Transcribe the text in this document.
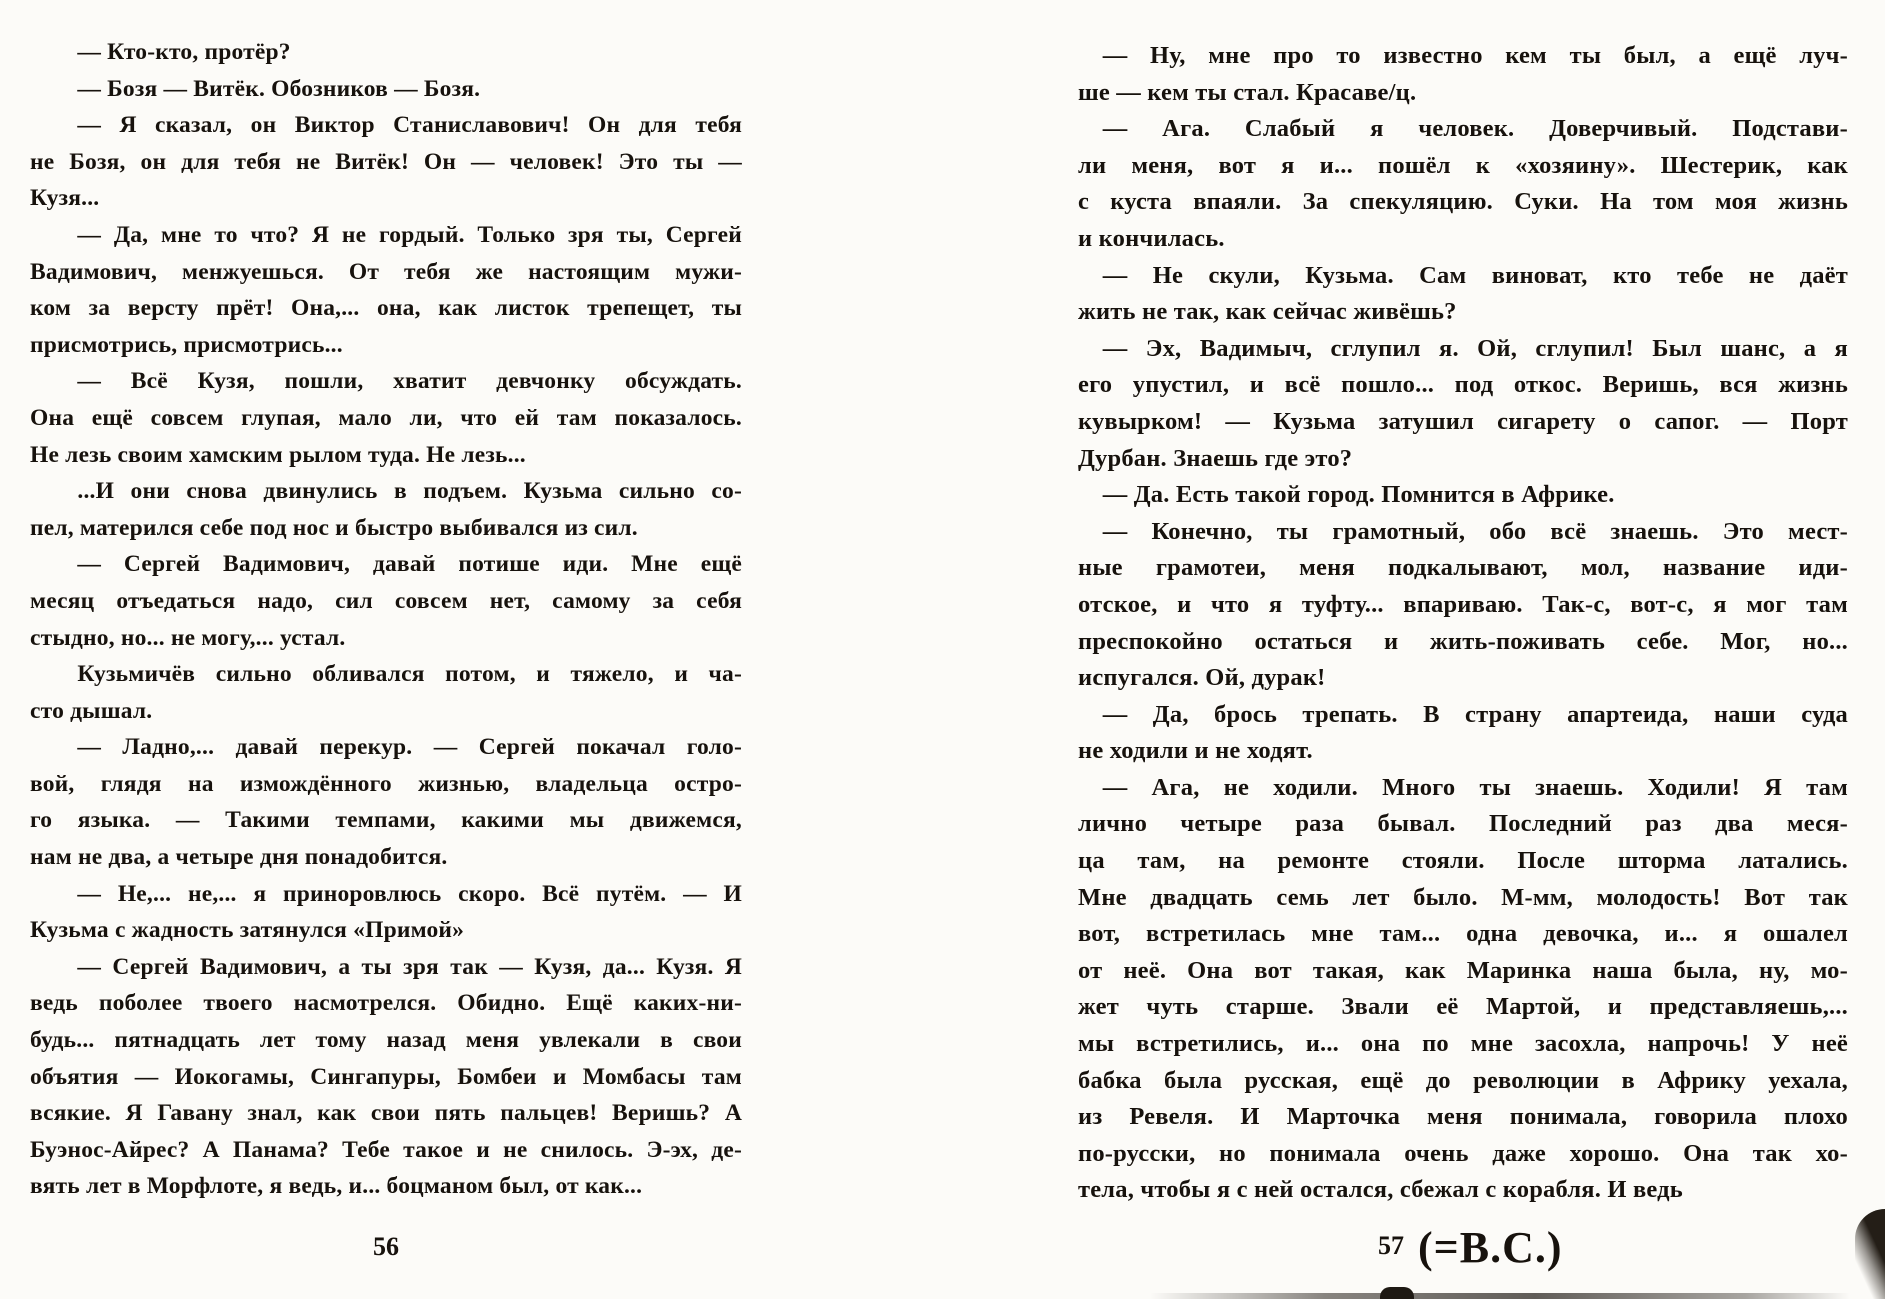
  — Кто-кто, протёр?
  — Бозя — Витёк. Обозников — Бозя.
  — Я сказал, он Виктор Станиславович! Он для тебя
не Бозя, он для тебя не Витёк! Он — человек! Это ты —
Кузя...
  — Да, мне то что? Я не гордый. Только зря ты, Сергей
Вадимович, менжуешься. От тебя же настоящим мужи-
ком за версту прёт! Она,... она, как листок трепещет, ты
присмотрись, присмотрись...
  — Всё Кузя, пошли, хватит девчонку обсуждать.
Она ещё совсем глупая, мало ли, что ей там показалось.
Не лезь своим хамским рылом туда. Не лезь...
  ...И они снова двинулись в подъем. Кузьма сильно со-
пел, матерился себе под нос и быстро выбивался из сил.
  — Сергей Вадимович, давай потише иди. Мне ещё
месяц отъедаться надо, сил совсем нет, самому за себя
стыдно, но... не могу,... устал.
  Кузьмичёв сильно обливался потом, и тяжело, и ча-
сто дышал.
  — Ладно,... давай перекур. — Сергей покачал голо-
вой, глядя на измождённого жизнью, владельца остро-
го языка. — Такими темпами, какими мы движемся,
нам не два, а четыре дня понадобится.
  — Не,... не,... я приноровлюсь скоро. Всё путём. — И
Кузьма с жадность затянулся «Примой»
  — Сергей Вадимович, а ты зря так — Кузя, да... Кузя. Я
ведь поболее твоего насмотрелся. Обидно. Ещё каких-ни-
будь... пятнадцать лет тому назад меня увлекали в свои
объятия — Иокогамы, Сингапуры, Бомбеи и Момбасы там
всякие. Я Гавану знал, как свои пять пальцев! Веришь? А
Буэнос-Айрес? А Панама? Тебе такое и не снилось. Э-эх, де-
вять лет в Морфлоте, я ведь, и... боцманом был, от как...
56
 — Ну, мне про то известно кем ты был, а ещё луч-
ше — кем ты стал. Красаве/ц.
 — Ага. Слабый я человек. Доверчивый. Подстави-
ли меня, вот я и... пошёл к «хозяину». Шестерик, как
с куста впаяли. За спекуляцию. Суки. На том моя жизнь
и кончилась.
 — Не скули, Кузьма. Сам виноват, кто тебе не даёт
жить не так, как сейчас живёшь?
 — Эх, Вадимыч, сглупил я. Ой, сглупил! Был шанс, а я
его упустил, и всё пошло... под откос. Веришь, вся жизнь
кувырком! — Кузьма затушил сигарету о сапог. — Порт
Дурбан. Знаешь где это?
 — Да. Есть такой город. Помнится в Африке.
 — Конечно, ты грамотный, обо всё знаешь. Это мест-
ные грамотеи, меня подкалывают, мол, название иди-
отское, и что я туфту... впариваю. Так-с, вот-с, я мог там
преспокойно остаться и жить-поживать себе. Мог, но...
испугался. Ой, дурак!
 — Да, брось трепать. В страну апартеида, наши суда
не ходили и не ходят.
 — Ага, не ходили. Много ты знаешь. Ходили! Я там
лично четыре раза бывал. Последний раз два меся-
ца там, на ремонте стояли. После шторма латались.
Мне двадцать семь лет было. М-мм, молодость! Вот так
вот, встретилась мне там... одна девочка, и... я ошалел
от неё. Она вот такая, как Маринка наша была, ну, мо-
жет чуть старше. Звали её Мартой, и представляешь,...
мы встретились, и... она по мне засохла, напрочь! У неё
бабка была русская, ещё до революции в Африку уехала,
из Ревеля. И Марточка меня понимала, говорила плохо
по-русски, но понимала очень даже хорошо. Она так хо-
тела, чтобы я с ней остался, сбежал с корабля. И ведь
57 (=В.С.)
